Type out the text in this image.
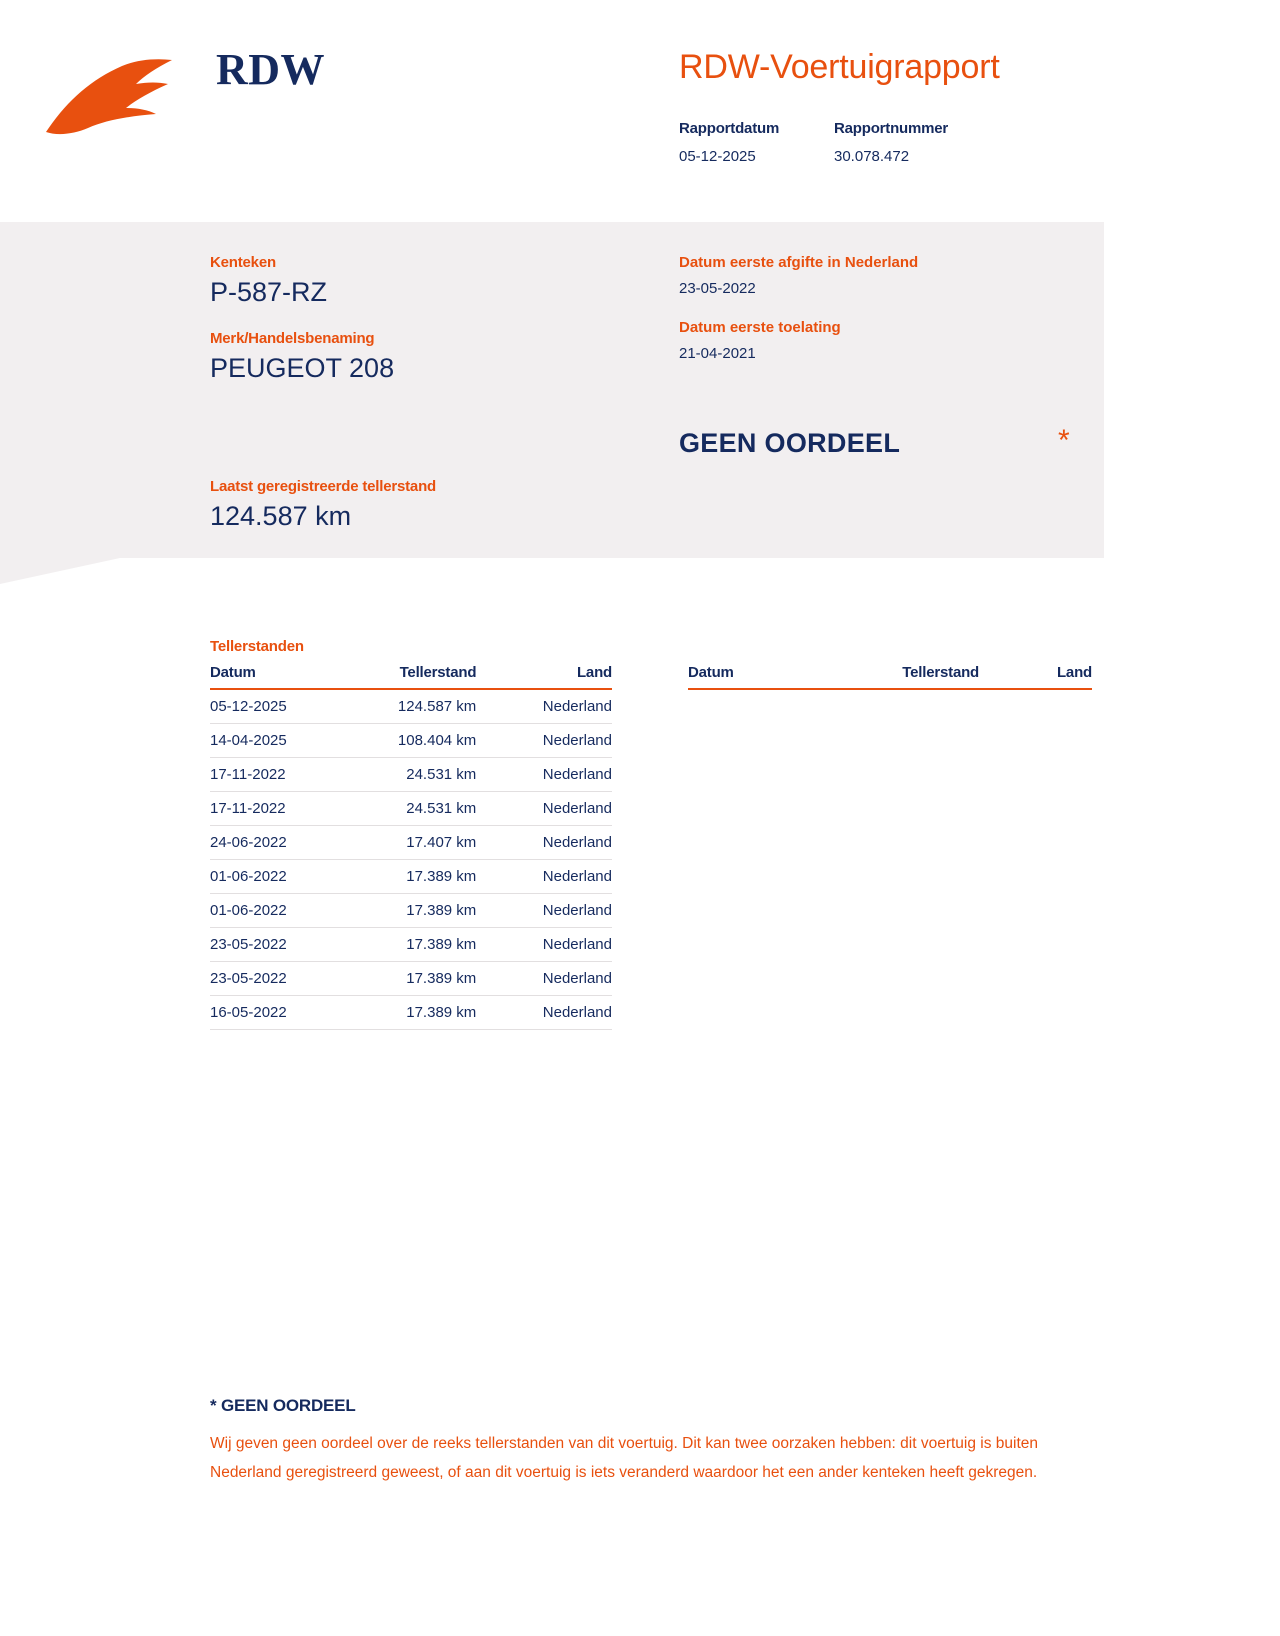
RDW	RDW-Voertuigrapport
Rapportdatum
05-12-2025
Rapportnummer
30.078.472
Kenteken
P-587-RZ
Merk/Handelsbenaming
PEUGEOT 208
Laatst geregistreerde tellerstand
124.587 km
Datum eerste afgifte in Nederland
23-05-2022
Datum eerste toelating
21-04-2021
GEEN OORDEEL	*
Tellerstanden
Datum	Tellerstand	Land
05-12-2025	124.587 km	Nederland
14-04-2025	108.404 km	Nederland
17-11-2022	24.531 km	Nederland
17-11-2022	24.531 km	Nederland
24-06-2022	17.407 km	Nederland
01-06-2022	17.389 km	Nederland
01-06-2022	17.389 km	Nederland
23-05-2022	17.389 km	Nederland
23-05-2022	17.389 km	Nederland
16-05-2022	17.389 km	Nederland
Datum	Tellerstand	Land
* GEEN OORDEEL
Wij geven geen oordeel over de reeks tellerstanden van dit voertuig. Dit kan twee oorzaken hebben: dit voertuig is buiten Nederland geregistreerd geweest, of aan dit voertuig is iets veranderd waardoor het een ander kenteken heeft gekregen.
